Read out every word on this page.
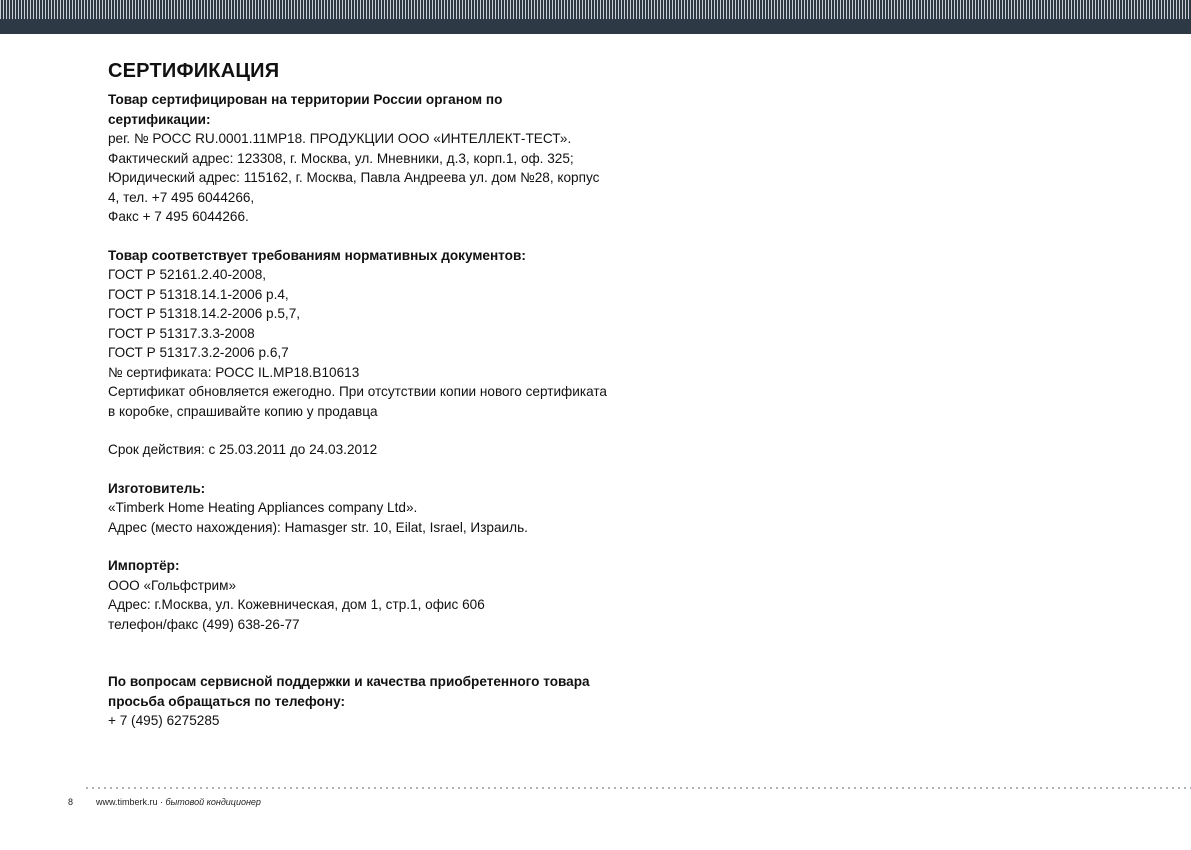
СЕРТИФИКАЦИЯ

Товар сертифицирован на территории России органом по сертификации:

рег. № РОСС RU.0001.11МР18. ПРОДУКЦИИ ООО «ИНТЕЛЛЕКТ-ТЕСТ».

Фактический адрес: 123308, г. Москва, ул. Мневники, д.3, корп.1, оф. 325; Юридический адрес: 115162, г. Москва, Павла Андреева ул. дом №28, корпус 4, тел. +7 495 6044266,

Факс + 7 495 6044266.

Товар соответствует требованиям нормативных документов:

ГОСТ Р 52161.2.40-2008,

ГОСТ Р 51318.14.1-2006 р.4,

ГОСТ Р 51318.14.2-2006 р.5,7,

ГОСТ Р 51317.3.3-2008

ГОСТ Р 51317.3.2-2006 р.6,7

№ сертификата: РОСС IL.МР18.В10613

Сертификат обновляется ежегодно. При отсутствии копии нового сертификата в коробке, спрашивайте копию у продавца

Срок действия: с 25.03.2011 до 24.03.2012

Изготовитель:

«Timberk Home Heating Appliances company Ltd».

Адрес (место нахождения): Hamasger str. 10, Eilat, Israel, Израиль.

Импортёр:

ООО «Гольфстрим»

Адрес: г.Москва, ул. Кожевническая, дом 1, стр.1, офис 606

телефон/факс (499) 638-26-77

По вопросам сервисной поддержки и качества приобретенного товара просьба обращаться по телефону:

+ 7 (495) 6275285

8	www.timberk.ru · бытовой кондиционер
